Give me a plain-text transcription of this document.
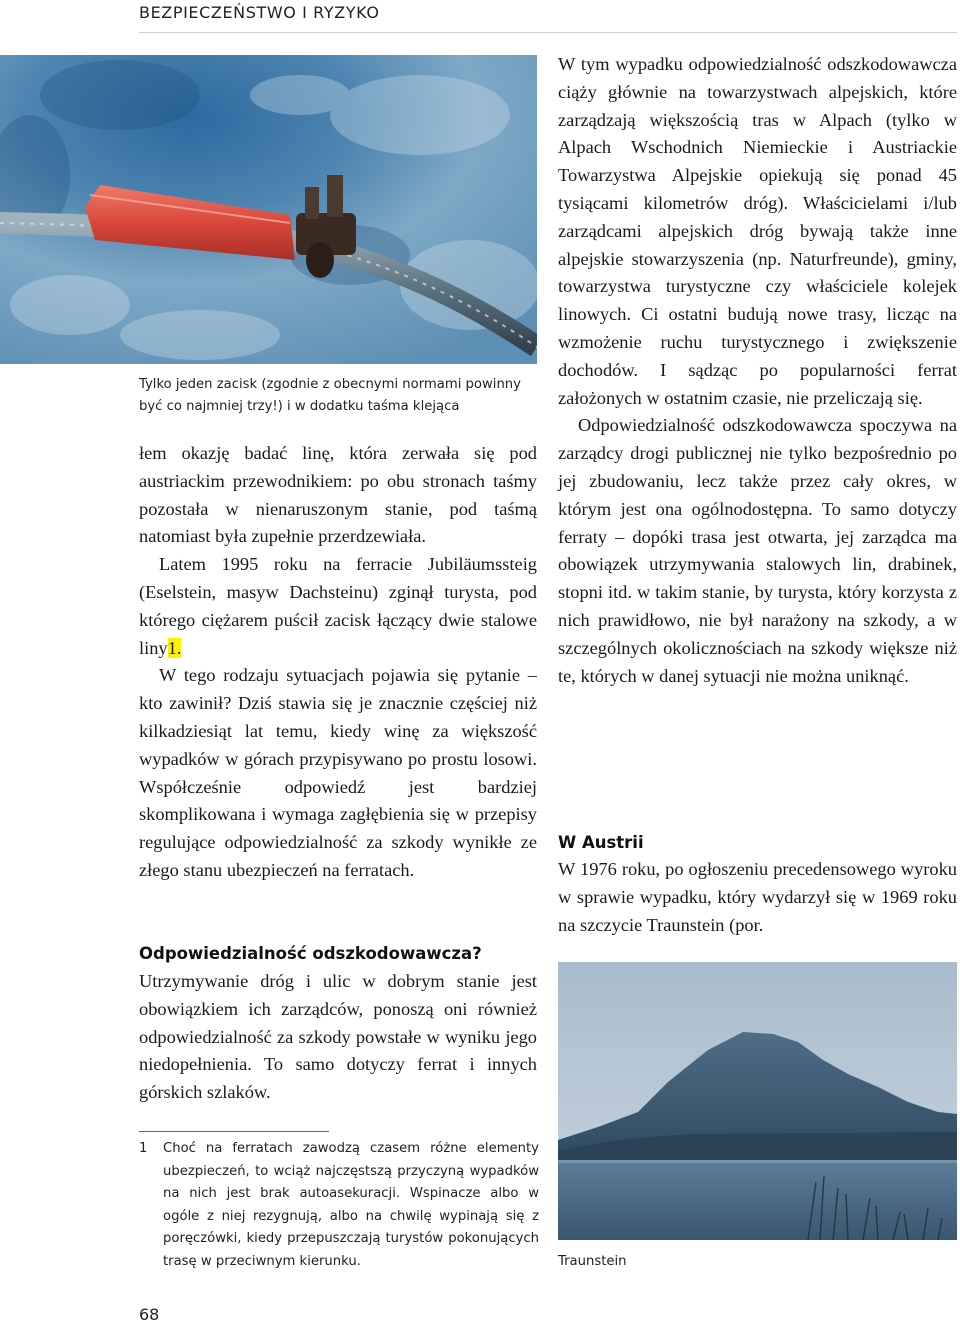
BEZPIECZEŃSTWO I RYZYKO
Tylko jeden zacisk (zgodnie z obecnymi normami powinny być co najmniej trzy!) i w dodatku taśma klejąca

łem okazję badać linę, która zerwała się pod austriackim przewodnikiem: po obu stronach taśmy pozostała w nienaruszonym stanie, pod taśmą natomiast była zupełnie przerdzewiała.

Latem 1995 roku na ferracie Jubiläumssteig (Eselstein, masyw Dachsteinu) zginął turysta, pod którego ciężarem puścił zacisk łączący dwie stalowe liny1.

W tego rodzaju sytuacjach pojawia się pytanie – kto zawinił? Dziś stawia się je znacznie częściej niż kilkadziesiąt lat temu, kiedy winę za większość wypadków w górach przypisywano po prostu losowi. Współcześnie odpowiedź jest bardziej skomplikowana i wymaga zagłębienia się w przepisy regulujące odpowiedzialność za szkody wynikłe ze złego stanu ubezpieczeń na ferratach.

Odpowiedzialność odszkodowawcza?

Utrzymywanie dróg i ulic w dobrym stanie jest obowiązkiem ich zarządców, ponoszą oni również odpowiedzialność za szkody powstałe w wyniku jego niedopełnienia. To samo dotyczy ferrat i innych górskich szlaków.

W tym wypadku odpowiedzialność odszkodowawcza ciąży głównie na towarzystwach alpejskich, które zarządzają większością tras w Alpach (tylko w Alpach Wschodnich Niemieckie i Austriackie Towarzystwa Alpejskie opiekują się ponad 45 tysiącami kilometrów dróg). Właścicielami i/lub zarządcami alpejskich dróg bywają także inne alpejskie stowarzyszenia (np. Naturfreunde), gminy, towarzystwa turystyczne czy właściciele kolejek linowych. Ci ostatni budują nowe trasy, licząc na wzmożenie ruchu turystycznego i zwiększenie dochodów. I sądząc po popularności ferrat założonych w ostatnim czasie, nie przeliczają się.

Odpowiedzialność odszkodowawcza spoczywa na zarządcy drogi publicznej nie tylko bezpośrednio po jej zbudowaniu, lecz także przez cały okres, w którym jest ona ogólnodostępna. To samo dotyczy ferraty – dopóki trasa jest otwarta, jej zarządca ma obowiązek utrzymywania stalowych lin, drabinek, stopni itd. w takim stanie, by turysta, który korzysta z nich prawidłowo, nie był narażony na szkody, a w szczególnych okolicznościach na szkody większe niż te, których w danej sytuacji nie można uniknąć.

W Austrii

W 1976 roku, po ogłoszeniu precedensowego wyroku w sprawie wypadku, który wydarzył się w 1969 roku na szczycie Traunstein (por.

Traunstein
1 Choć na ferratach zawodzą czasem różne elementy ubezpieczeń, to wciąż najczęstszą przyczyną wypadków na nich jest brak autoasekuracji. Wspinacze albo w ogóle z niej rezygnują, albo na chwilę wypinają się z poręczówki, kiedy przepuszczają turystów pokonujących trasę w przeciwnym kierunku.
68
